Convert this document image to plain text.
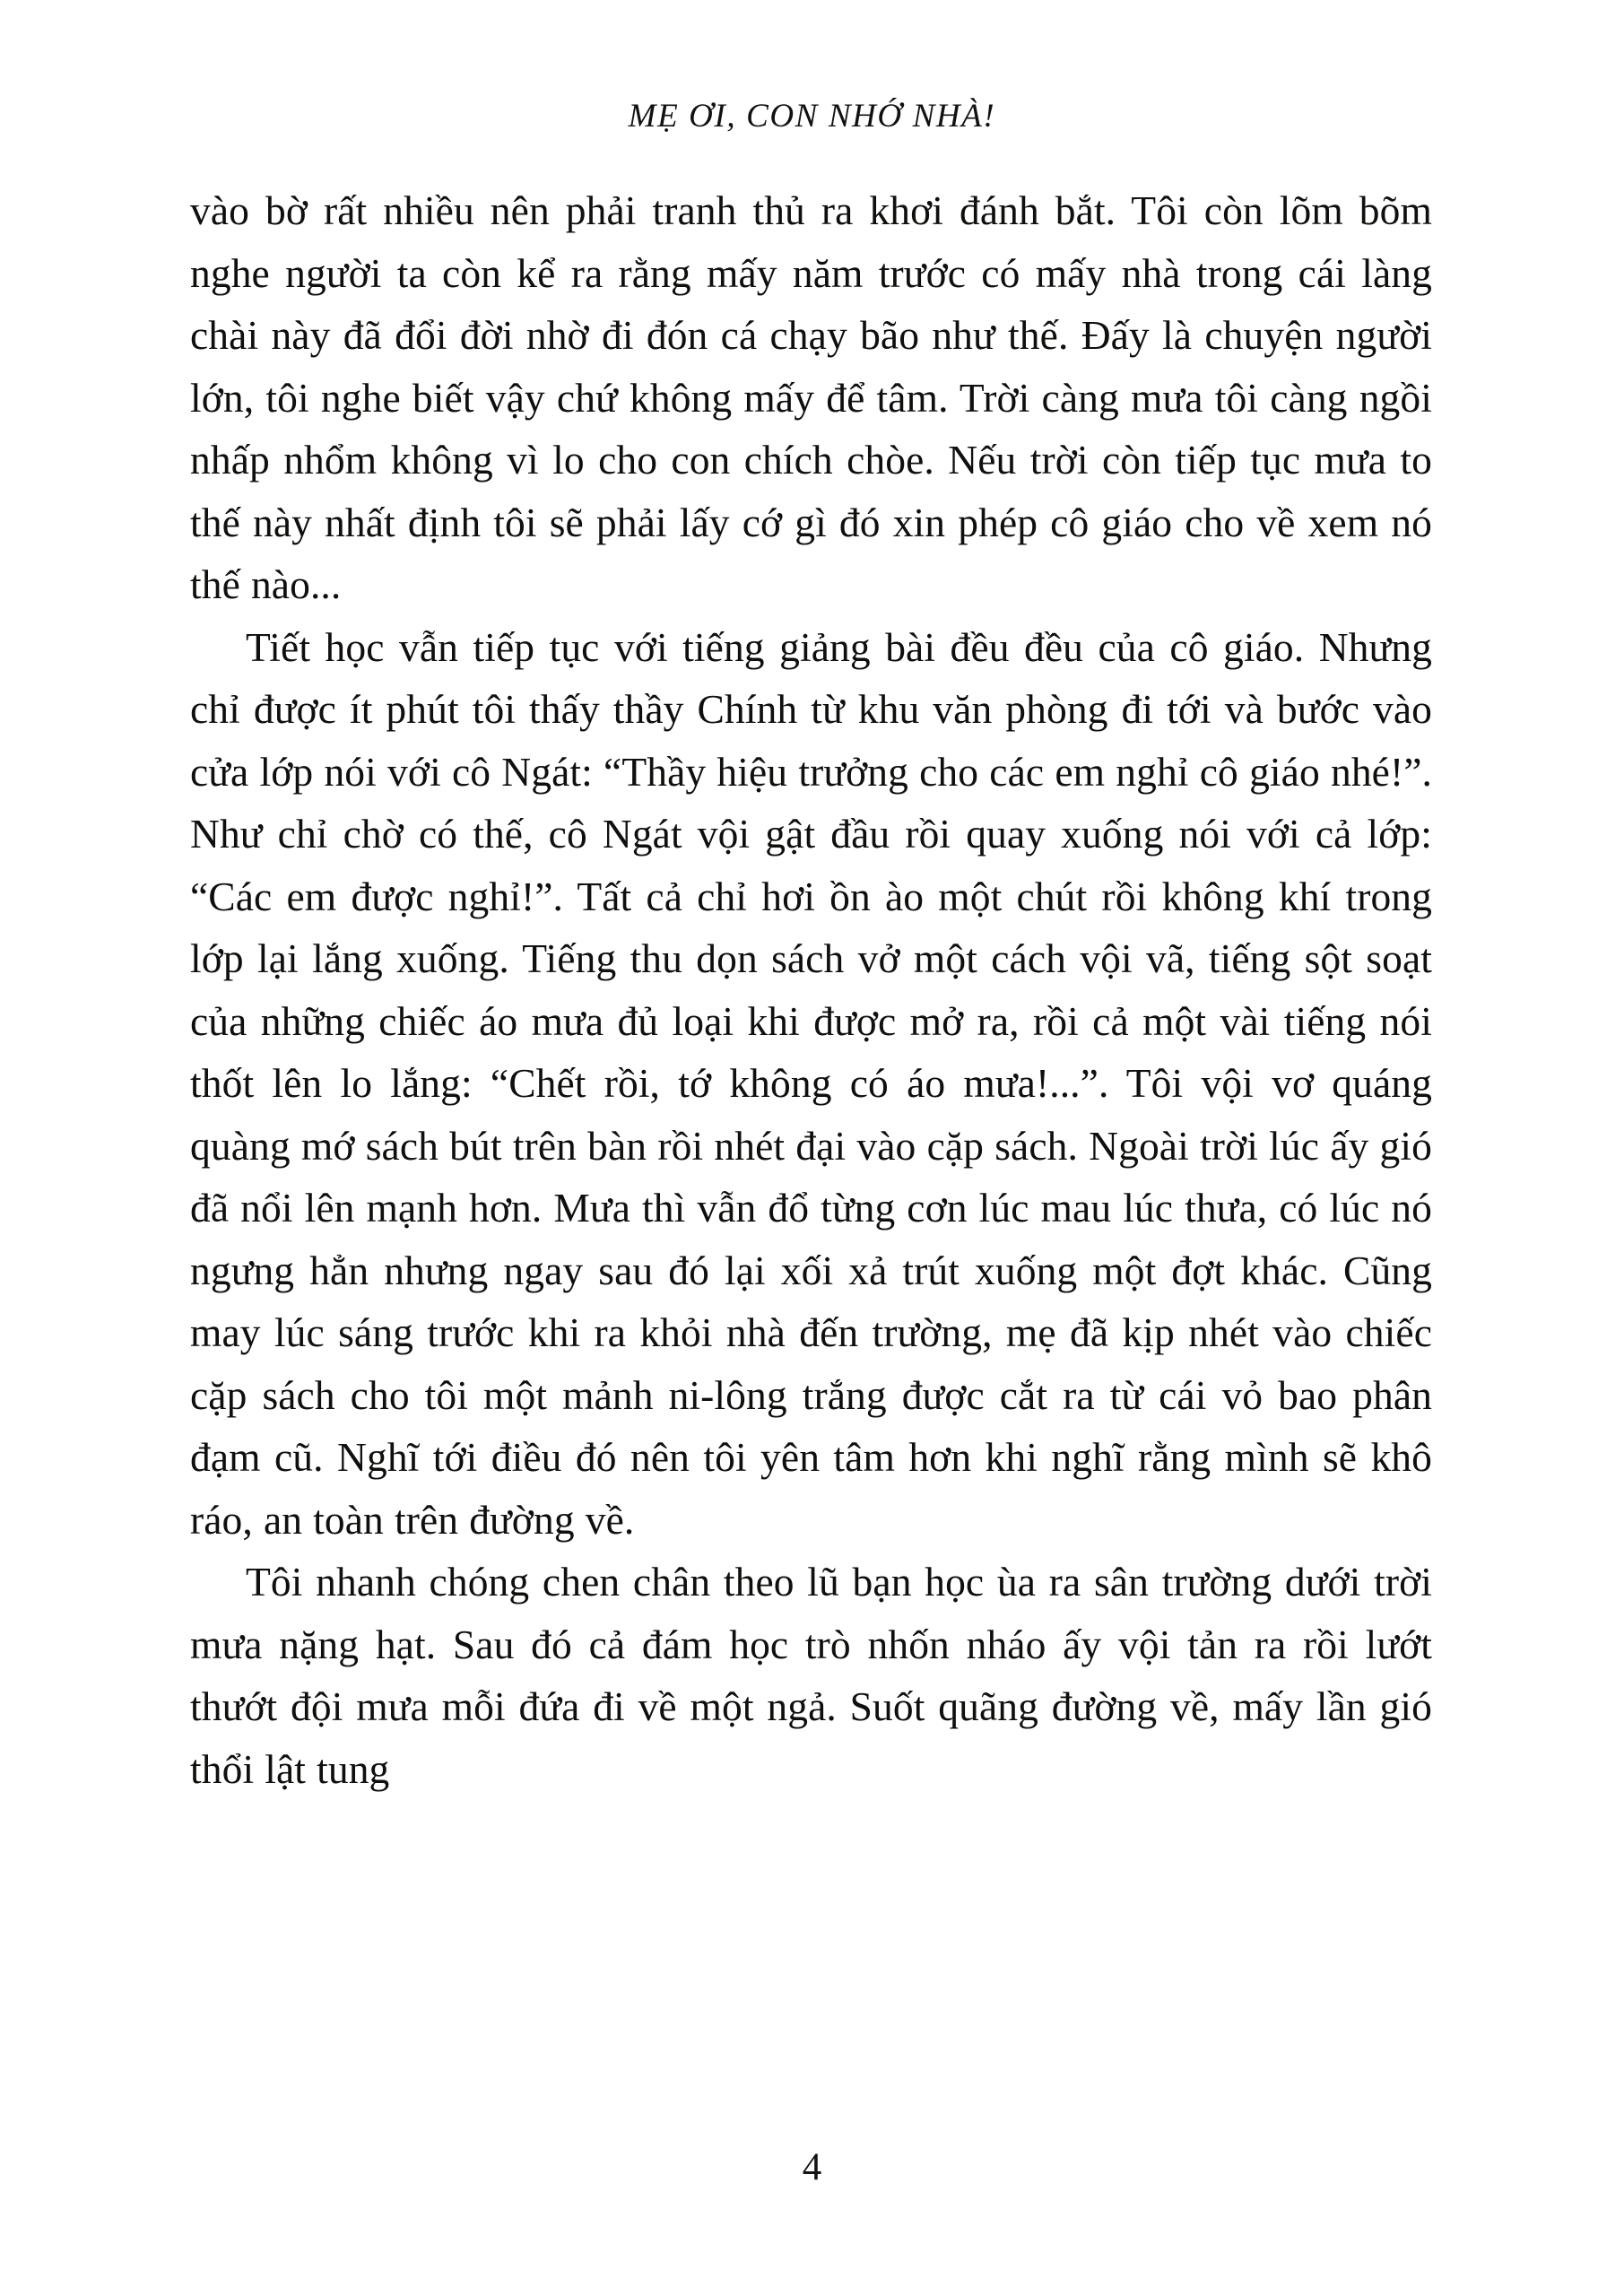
MẸ ƠI, CON NHỚ NHÀ!

vào bờ rất nhiều nên phải tranh thủ ra khơi đánh bắt. Tôi còn lõm bõm nghe người ta còn kể ra rằng mấy năm trước có mấy nhà trong cái làng chài này đã đổi đời nhờ đi đón cá chạy bão như thế. Đấy là chuyện người lớn, tôi nghe biết vậy chứ không mấy để tâm. Trời càng mưa tôi càng ngồi nhấp nhổm không vì lo cho con chích chòe. Nếu trời còn tiếp tục mưa to thế này nhất định tôi sẽ phải lấy cớ gì đó xin phép cô giáo cho về xem nó thế nào...

Tiết học vẫn tiếp tục với tiếng giảng bài đều đều của cô giáo. Nhưng chỉ được ít phút tôi thấy thầy Chính từ khu văn phòng đi tới và bước vào cửa lớp nói với cô Ngát: “Thầy hiệu trưởng cho các em nghỉ cô giáo nhé!”. Như chỉ chờ có thế, cô Ngát vội gật đầu rồi quay xuống nói với cả lớp: “Các em được nghỉ!”. Tất cả chỉ hơi ồn ào một chút rồi không khí trong lớp lại lắng xuống. Tiếng thu dọn sách vở một cách vội vã, tiếng sột soạt của những chiếc áo mưa đủ loại khi được mở ra, rồi cả một vài tiếng nói thốt lên lo lắng: “Chết rồi, tớ không có áo mưa!...”. Tôi vội vơ quáng quàng mớ sách bút trên bàn rồi nhét đại vào cặp sách. Ngoài trời lúc ấy gió đã nổi lên mạnh hơn. Mưa thì vẫn đổ từng cơn lúc mau lúc thưa, có lúc nó ngưng hẳn nhưng ngay sau đó lại xối xả trút xuống một đợt khác. Cũng may lúc sáng trước khi ra khỏi nhà đến trường, mẹ đã kịp nhét vào chiếc cặp sách cho tôi một mảnh ni-lông trắng được cắt ra từ cái vỏ bao phân đạm cũ. Nghĩ tới điều đó nên tôi yên tâm hơn khi nghĩ rằng mình sẽ khô ráo, an toàn trên đường về.

Tôi nhanh chóng chen chân theo lũ bạn học ùa ra sân trường dưới trời mưa nặng hạt. Sau đó cả đám học trò nhốn nháo ấy vội tản ra rồi lướt thướt đội mưa mỗi đứa đi về một ngả. Suốt quãng đường về, mấy lần gió thổi lật tung

4
